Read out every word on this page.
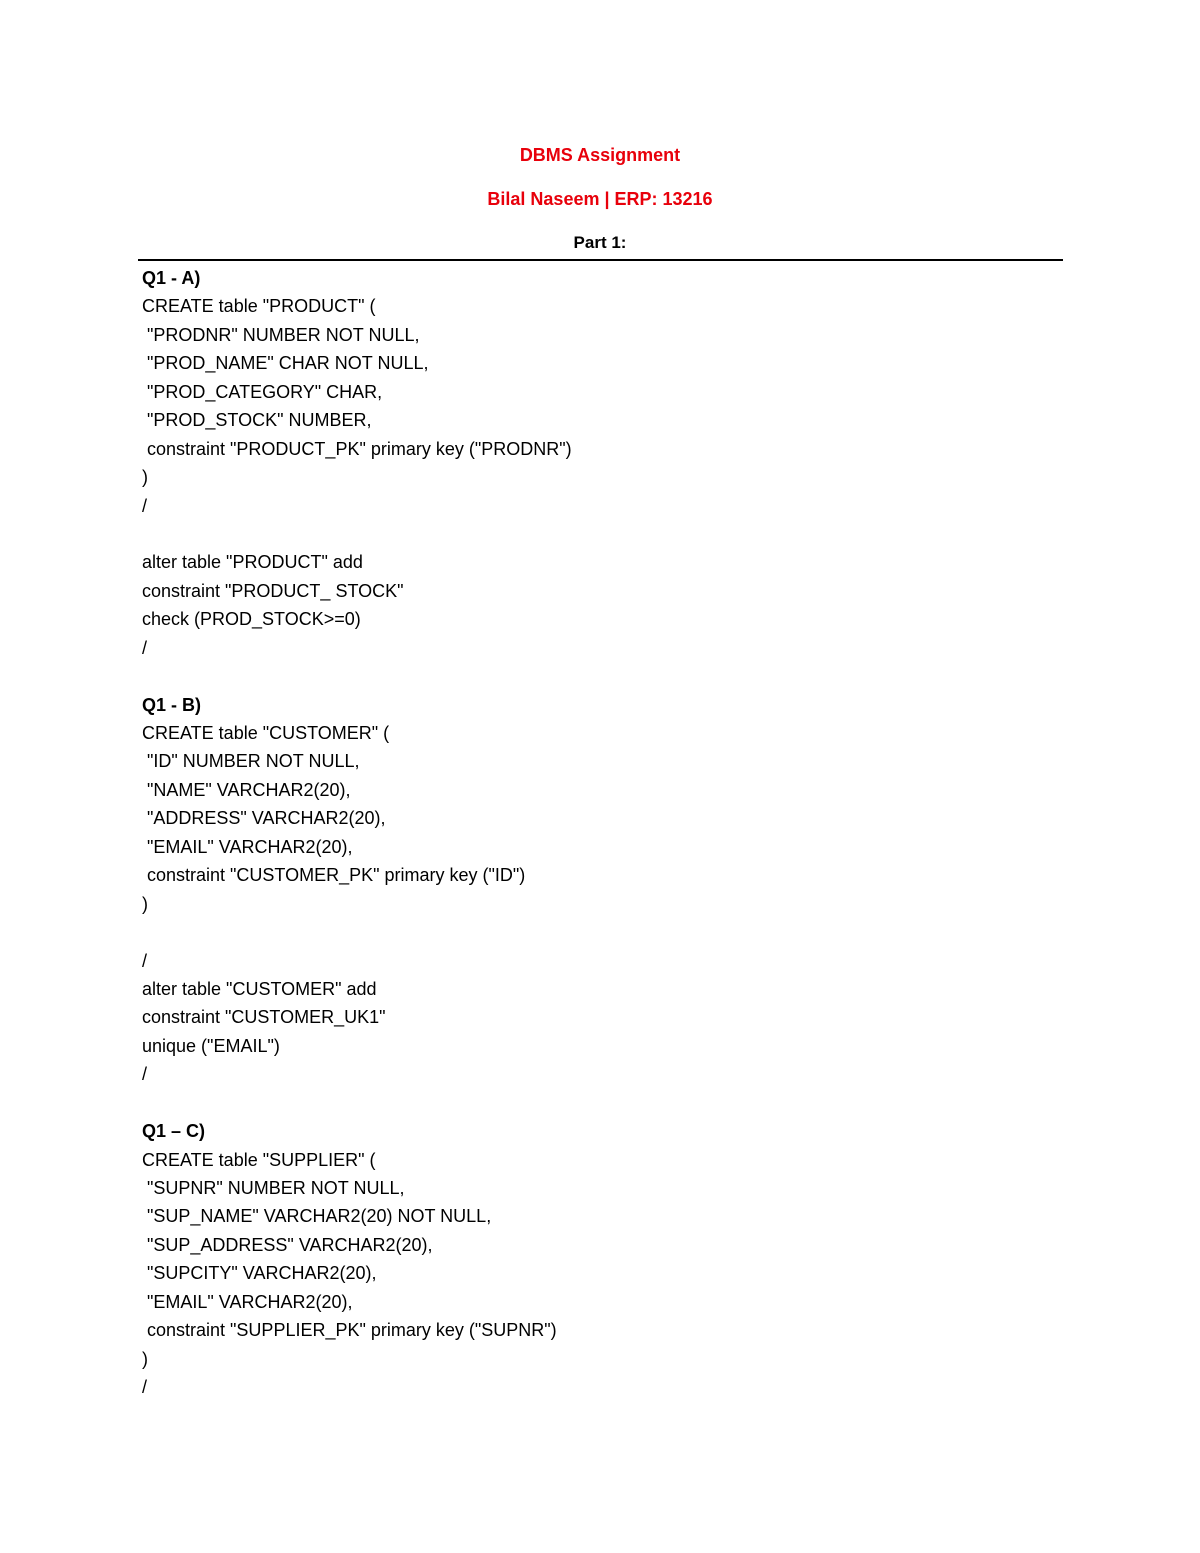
DBMS Assignment
Bilal Naseem | ERP: 13216
Part 1:
Q1 - A)
CREATE table "PRODUCT" (
"PRODNR" NUMBER NOT NULL,
"PROD_NAME" CHAR NOT NULL,
"PROD_CATEGORY" CHAR,
"PROD_STOCK" NUMBER,
constraint "PRODUCT_PK" primary key ("PRODNR")
)
/
alter table "PRODUCT" add
constraint "PRODUCT_ STOCK"
check (PROD_STOCK>=0)
/
Q1 - B)
CREATE table "CUSTOMER" (
"ID" NUMBER NOT NULL,
"NAME" VARCHAR2(20),
"ADDRESS" VARCHAR2(20),
"EMAIL" VARCHAR2(20),
constraint "CUSTOMER_PK" primary key ("ID")
)
/
alter table "CUSTOMER" add
constraint "CUSTOMER_UK1"
unique ("EMAIL")
/
Q1 – C)
CREATE table "SUPPLIER" (
"SUPNR" NUMBER NOT NULL,
"SUP_NAME" VARCHAR2(20) NOT NULL,
"SUP_ADDRESS" VARCHAR2(20),
"SUPCITY" VARCHAR2(20),
"EMAIL" VARCHAR2(20),
constraint "SUPPLIER_PK" primary key ("SUPNR")
)
/
